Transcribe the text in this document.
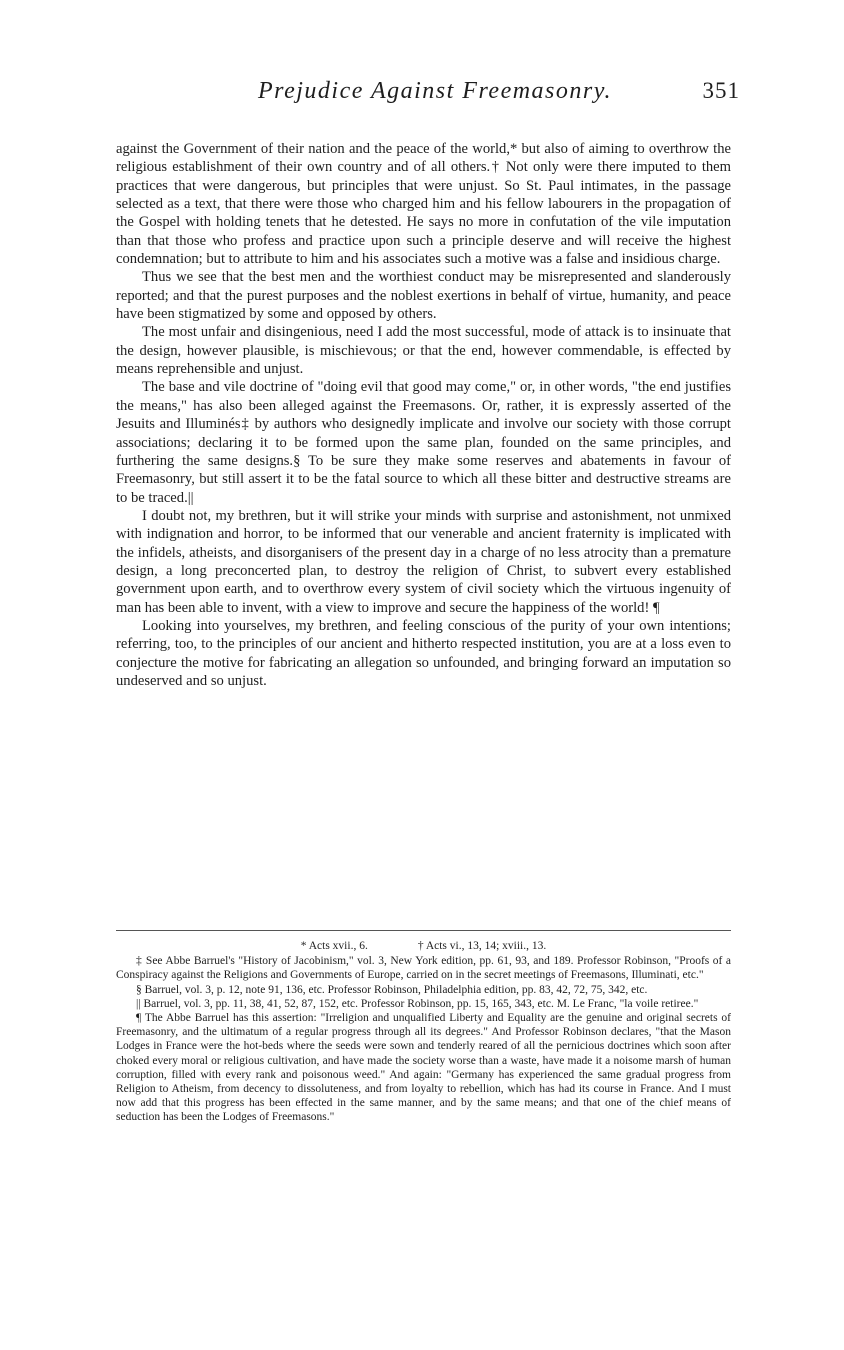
Prejudice Against Freemasonry.	351

against the Government of their nation and the peace of the world,* but also of aiming to overthrow the religious establishment of their own country and of all others.† Not only were there imputed to them practices that were dangerous, but principles that were unjust. So St. Paul intimates, in the passage selected as a text, that there were those who charged him and his fellow labourers in the propagation of the Gospel with holding tenets that he detested. He says no more in confutation of the vile imputation than that those who profess and practice upon such a principle deserve and will receive the highest condemnation; but to attribute to him and his associates such a motive was a false and insidious charge.

Thus we see that the best men and the worthiest conduct may be misrepresented and slanderously reported; and that the purest purposes and the noblest exertions in behalf of virtue, humanity, and peace have been stigmatized by some and opposed by others.

The most unfair and disingenious, need I add the most successful, mode of attack is to insinuate that the design, however plausible, is mischievous; or that the end, however commendable, is effected by means reprehensible and unjust.

The base and vile doctrine of "doing evil that good may come," or, in other words, "the end justifies the means," has also been alleged against the Freemasons. Or, rather, it is expressly asserted of the Jesuits and Illuminés‡ by authors who designedly implicate and involve our society with those corrupt associations; declaring it to be formed upon the same plan, founded on the same principles, and furthering the same designs.§ To be sure they make some reserves and abatements in favour of Freemasonry, but still assert it to be the fatal source to which all these bitter and destructive streams are to be traced.||

I doubt not, my brethren, but it will strike your minds with surprise and astonishment, not unmixed with indignation and horror, to be informed that our venerable and ancient fraternity is implicated with the infidels, atheists, and disorganisers of the present day in a charge of no less atrocity than a premature design, a long preconcerted plan, to destroy the religion of Christ, to subvert every established government upon earth, and to overthrow every system of civil society which the virtuous ingenuity of man has been able to invent, with a view to improve and secure the happiness of the world! ¶

Looking into yourselves, my brethren, and feeling conscious of the purity of your own intentions; referring, too, to the principles of our ancient and hitherto respected institution, you are at a loss even to conjecture the motive for fabricating an allegation so unfounded, and bringing forward an imputation so undeserved and so unjust.

* Acts xvii., 6.	† Acts vi., 13, 14; xviii., 13.

‡ See Abbe Barruel's "History of Jacobinism," vol. 3, New York edition, pp. 61, 93, and 189. Professor Robinson, "Proofs of a Conspiracy against the Religions and Governments of Europe, carried on in the secret meetings of Freemasons, Illuminati, etc."

§ Barruel, vol. 3, p. 12, note 91, 136, etc. Professor Robinson, Philadelphia edition, pp. 83, 42, 72, 75, 342, etc.

|| Barruel, vol. 3, pp. 11, 38, 41, 52, 87, 152, etc. Professor Robinson, pp. 15, 165, 343, etc. M. Le Franc, "la voile retiree."

¶ The Abbe Barruel has this assertion: "Irreligion and unqualified Liberty and Equality are the genuine and original secrets of Freemasonry, and the ultimatum of a regular progress through all its degrees." And Professor Robinson declares, "that the Mason Lodges in France were the hot-beds where the seeds were sown and tenderly reared of all the pernicious doctrines which soon after choked every moral or religious cultivation, and have made the society worse than a waste, have made it a noisome marsh of human corruption, filled with every rank and poisonous weed." And again: "Germany has experienced the same gradual progress from Religion to Atheism, from decency to dissoluteness, and from loyalty to rebellion, which has had its course in France. And I must now add that this progress has been effected in the same manner, and by the same means; and that one of the chief means of seduction has been the Lodges of Freemasons."
